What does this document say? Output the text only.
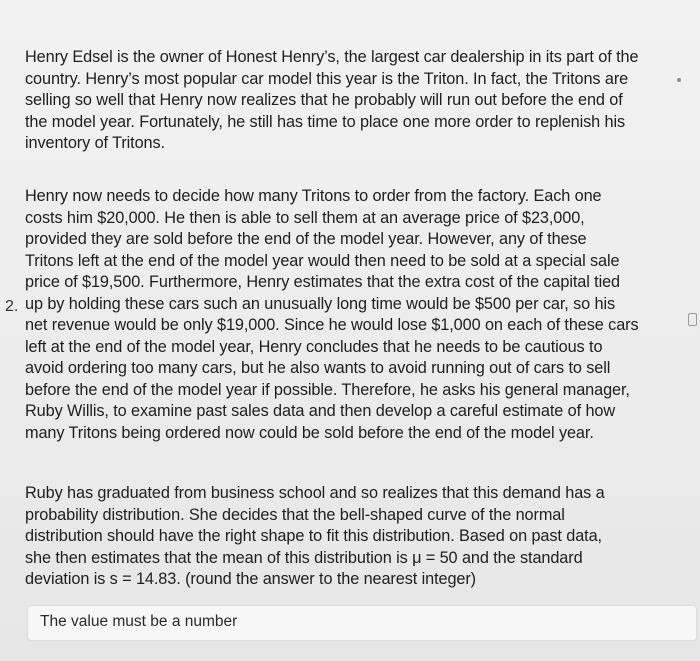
Henry Edsel is the owner of Honest Henry’s, the largest car dealership in its part of the
country. Henry’s most popular car model this year is the Triton. In fact, the Tritons are
selling so well that Henry now realizes that he probably will run out before the end of
the model year. Fortunately, he still has time to place one more order to replenish his
inventory of Tritons.
2.
Henry now needs to decide how many Tritons to order from the factory. Each one
costs him $20,000. He then is able to sell them at an average price of $23,000,
provided they are sold before the end of the model year. However, any of these
Tritons left at the end of the model year would then need to be sold at a special sale
price of $19,500. Furthermore, Henry estimates that the extra cost of the capital tied
up by holding these cars such an unusually long time would be $500 per car, so his
net revenue would be only $19,000. Since he would lose $1,000 on each of these cars
left at the end of the model year, Henry concludes that he needs to be cautious to
avoid ordering too many cars, but he also wants to avoid running out of cars to sell
before the end of the model year if possible. Therefore, he asks his general manager,
Ruby Willis, to examine past sales data and then develop a careful estimate of how
many Tritons being ordered now could be sold before the end of the model year.
Ruby has graduated from business school and so realizes that this demand has a
probability distribution. She decides that the bell-shaped curve of the normal
distribution should have the right shape to fit this distribution. Based on past data,
she then estimates that the mean of this distribution is μ = 50 and the standard
deviation is s = 14.83. (round the answer to the nearest integer)
The value must be a number
